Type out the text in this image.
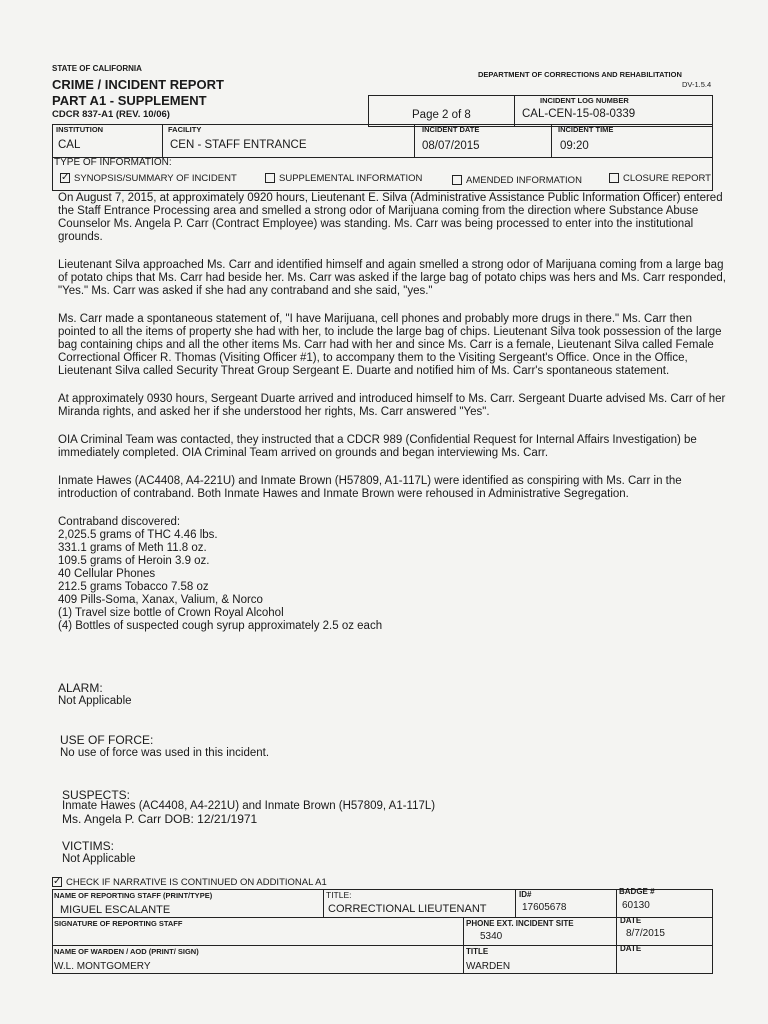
STATE OF CALIFORNIA
CRIME / INCIDENT REPORT
PART A1 - SUPPLEMENT
CDCR 837-A1 (REV. 10/06)
DEPARTMENT OF CORRECTIONS AND REHABILITATION
DV-1.5.4
Page 2 of 8
INCIDENT LOG NUMBER
CAL-CEN-15-08-0339
INSTITUTION
CAL
FACILITY
CEN - STAFF ENTRANCE
INCIDENT DATE
08/07/2015
INCIDENT TIME
09:20
TYPE OF INFORMATION:
✓ SYNOPSIS/SUMMARY OF INCIDENT	SUPPLEMENTAL INFORMATION	AMENDED INFORMATION	CLOSURE REPORT

On August 7, 2015, at approximately 0920 hours, Lieutenant E. Silva (Administrative Assistance Public Information Officer) entered the Staff Entrance Processing area and smelled a strong odor of Marijuana coming from the direction where Substance Abuse Counselor Ms. Angela P. Carr (Contract Employee) was standing. Ms. Carr was being processed to enter into the institutional grounds.

Lieutenant Silva approached Ms. Carr and identified himself and again smelled a strong odor of Marijuana coming from a large bag of potato chips that Ms. Carr had beside her. Ms. Carr was asked if the large bag of potato chips was hers and Ms. Carr responded, "Yes." Ms. Carr was asked if she had any contraband and she said, "yes."

Ms. Carr made a spontaneous statement of, "I have Marijuana, cell phones and probably more drugs in there." Ms. Carr then pointed to all the items of property she had with her, to include the large bag of chips. Lieutenant Silva took possession of the large bag containing chips and all the other items Ms. Carr had with her and since Ms. Carr is a female, Lieutenant Silva called Female Correctional Officer R. Thomas (Visiting Officer #1), to accompany them to the Visiting Sergeant's Office. Once in the Office, Lieutenant Silva called Security Threat Group Sergeant E. Duarte and notified him of Ms. Carr's spontaneous statement.

At approximately 0930 hours, Sergeant Duarte arrived and introduced himself to Ms. Carr. Sergeant Duarte advised Ms. Carr of her Miranda rights, and asked her if she understood her rights, Ms. Carr answered "Yes".

OIA Criminal Team was contacted, they instructed that a CDCR 989 (Confidential Request for Internal Affairs Investigation) be immediately completed. OIA Criminal Team arrived on grounds and began interviewing Ms. Carr.

Inmate Hawes (AC4408, A4-221U) and Inmate Brown (H57809, A1-117L) were identified as conspiring with Ms. Carr in the introduction of contraband. Both Inmate Hawes and Inmate Brown were rehoused in Administrative Segregation.

Contraband discovered:

2,025.5 grams of THC 4.46 lbs.

331.1 grams of Meth 11.8 oz.

109.5 grams of Heroin 3.9 oz.

40 Cellular Phones

212.5 grams Tobacco 7.58 oz

409 Pills-Soma, Xanax, Valium, & Norco

(1) Travel size bottle of Crown Royal Alcohol

(4) Bottles of suspected cough syrup approximately 2.5 oz each

ALARM:
Not Applicable
USE OF FORCE:
No use of force was used in this incident.
SUSPECTS:
Inmate Hawes (AC4408, A4-221U) and Inmate Brown (H57809, A1-117L)
Ms. Angela P. Carr DOB: 12/21/1971
VICTIMS:
Not Applicable
✓ CHECK IF NARRATIVE IS CONTINUED ON ADDITIONAL A1
NAME OF REPORTING STAFF (PRINT/TYPE)
MIGUEL ESCALANTE
TITLE:
CORRECTIONAL LIEUTENANT
ID#
17605678
BADGE #
60130
SIGNATURE OF REPORTING STAFF	PHONE EXT. INCIDENT SITE
5340
DATE
8/7/2015
NAME OF WARDEN / AOD (PRINT/ SIGN)
W.L. MONTGOMERY
TITLE
WARDEN
DATE
